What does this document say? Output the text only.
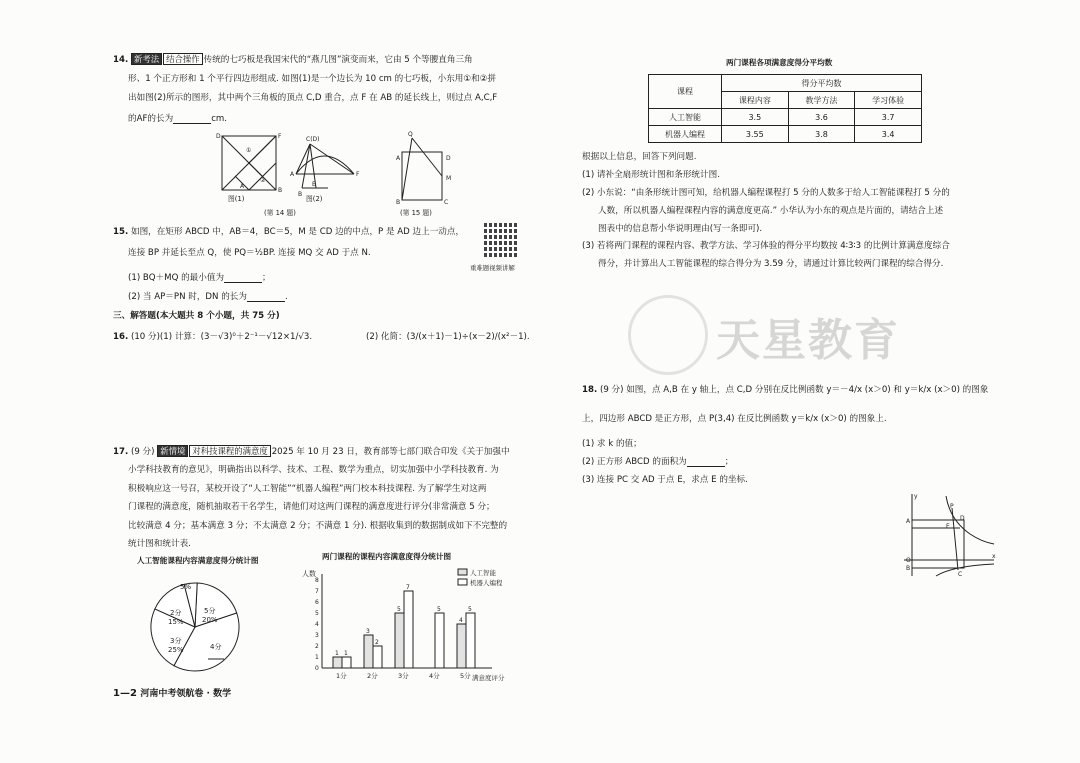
14. 新考法 结合操作 传统的七巧板是我国宋代的“燕几图”演变而来，它由 5 个等腰直角三角
形、1 个正方形和 1 个平行四边形组成. 如图(1)是一个边长为 10 cm 的七巧板，小东用①和②拼
出如图(2)所示的图形，其中两个三角板的顶点 C,D 重合，点 F 在 AB 的延长线上，则过点 A,C,F
的AF的长为	cm.
D	F
①
②
A
B
C(D)
A	F
E
B
Q
A	D
M
B	C
图(1)	图(2)
(第 14 题)	(第 15 题)
15. 如图，在矩形 ABCD 中，AB＝4，BC＝5，M 是 CD 边的中点，P 是 AD 边上一动点，
连接 BP 并延长至点 Q，使 PQ＝½BP. 连接 MQ 交 AD 于点 N.
(1) BQ＋MQ 的最小值为	；
(2) 当 AP＝PN 时，DN 的长为	.
重难题视频讲解
三、解答题(本大题共 8 个小题，共 75 分)
16. (10 分)(1) 计算：(3－√3)⁰＋2⁻¹－√12×1/√3.	(2) 化简：(3/(x＋1)－1)÷(x－2)/(x²－1).
17. (9 分) 新情境 对科技课程的满意度 2025 年 10 月 23 日，教育部等七部门联合印发《关于加强中
小学科技教育的意见》，明确指出以科学、技术、工程、数学为重点，切实加强中小学科技教育. 为
积极响应这一号召，某校开设了“人工智能”“机器人编程”两门校本科技课程. 为了解学生对这两
门课程的满意度，随机抽取若干名学生，请他们对这两门课程的满意度进行评分(非常满意 5 分；
比较满意 4 分；基本满意 3 分；不太满意 2 分；不满意 1 分). 根据收集到的数据制成如下不完整的
统计图和统计表.
人工智能课程内容满意度得分统计图
5%
2分
15%
5分
20%
3分
25%	4分
两门课程的课程内容满意度得分统计图
人数
满意度评分
0
1
2
3
4
5
6
7
8
1分
1 1
2分
3
2
3分
5
7
4分
5
5分
4
5
人工智能
机器人编程
1—2 河南中考领航卷 · 数学
两门课程各项满意度得分平均数
课程	得分平均数		
	课程内容	教学方法	学习体验
人工智能	3.5	3.6	3.7
机器人编程	3.55	3.8	3.4
根据以上信息，回答下列问题.
(1) 请补全扇形统计图和条形统计图.
(2) 小东说：“由条形统计图可知，给机器人编程课程打 5 分的人数多于给人工智能课程打 5 分的
人数，所以机器人编程课程内容的满意度更高.” 小华认为小东的观点是片面的，请结合上述
图表中的信息帮小华说明理由(写一条即可).
(3) 若将两门课程的课程内容、教学方法、学习体验的得分平均数按 4∶3∶3 的比例计算满意度综合
得分，并计算出人工智能课程的综合得分为 3.59 分，请通过计算比较两门课程的综合得分.
天星教育
18. (9 分) 如图，点 A,B 在 y 轴上，点 C,D 分别在反比例函数 y＝－4/x (x＞0) 和 y＝k/x (x＞0) 的图象
上，四边形 ABCD 是正方形，点 P(3,4) 在反比例函数 y＝k/x (x＞0) 的图象上.
(1) 求 k 的值；
(2) 正方形 ABCD 的面积为	；
(3) 连接 PC 交 AD 于点 E，求点 E 的坐标.
y
x
A
P
D
E
O
B
C
